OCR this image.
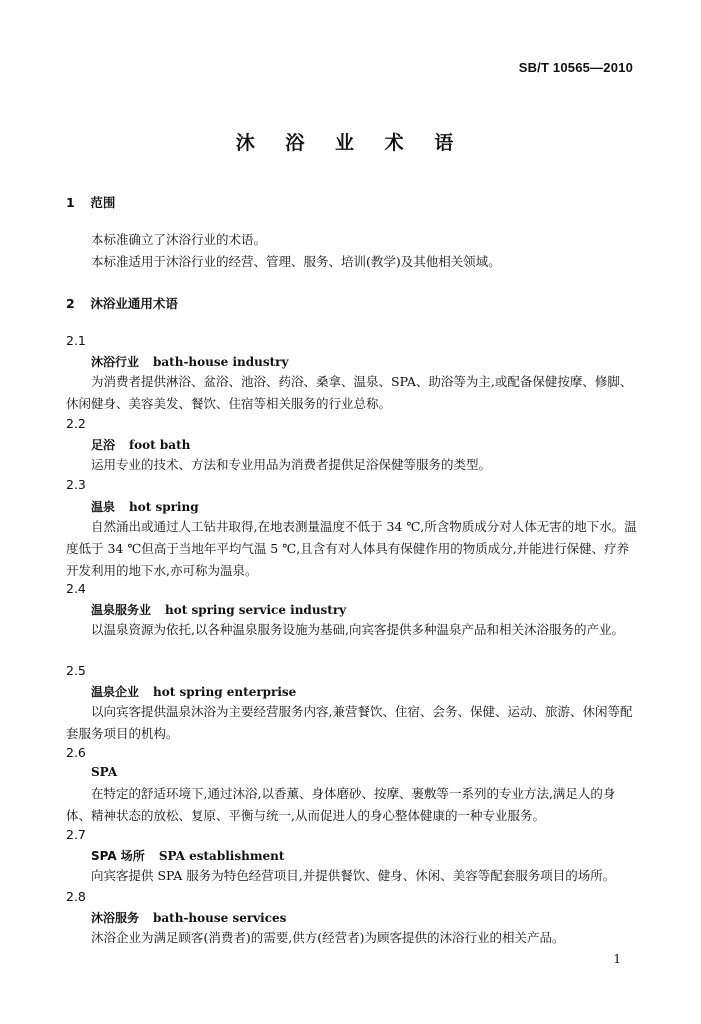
SB/T 10565—2010
沐 浴 业 术 语
1 范围
本标准确立了沐浴行业的术语。
本标准适用于沐浴行业的经营、管理、服务、培训(教学)及其他相关领域。
2 沐浴业通用术语
2.1
沐浴行业 bath-house industry
为消费者提供淋浴、盆浴、池浴、药浴、桑拿、温泉、SPA、助浴等为主,或配备保健按摩、修脚、休闲健身、美容美发、餐饮、住宿等相关服务的行业总称。
2.2
足浴 foot bath
运用专业的技术、方法和专业用品为消费者提供足浴保健等服务的类型。
2.3
温泉 hot spring
自然涌出或通过人工钻井取得,在地表测量温度不低于 34 ℃,所含物质成分对人体无害的地下水。温度低于 34 ℃但高于当地年平均气温 5 ℃,且含有对人体具有保健作用的物质成分,并能进行保健、疗养开发利用的地下水,亦可称为温泉。
2.4
温泉服务业 hot spring service industry
以温泉资源为依托,以各种温泉服务设施为基础,向宾客提供多种温泉产品和相关沐浴服务的产业。
2.5
温泉企业 hot spring enterprise
以向宾客提供温泉沐浴为主要经营服务内容,兼营餐饮、住宿、会务、保健、运动、旅游、休闲等配套服务项目的机构。
2.6
SPA
在特定的舒适环境下,通过沐浴,以香薰、身体磨砂、按摩、裹敷等一系列的专业方法,满足人的身体、精神状态的放松、复原、平衡与统一,从而促进人的身心整体健康的一种专业服务。
2.7
SPA 场所 SPA establishment
向宾客提供 SPA 服务为特色经营项目,并提供餐饮、健身、休闲、美容等配套服务项目的场所。
2.8
沐浴服务 bath-house services
沐浴企业为满足顾客(消费者)的需要,供方(经营者)为顾客提供的沐浴行业的相关产品。
1
